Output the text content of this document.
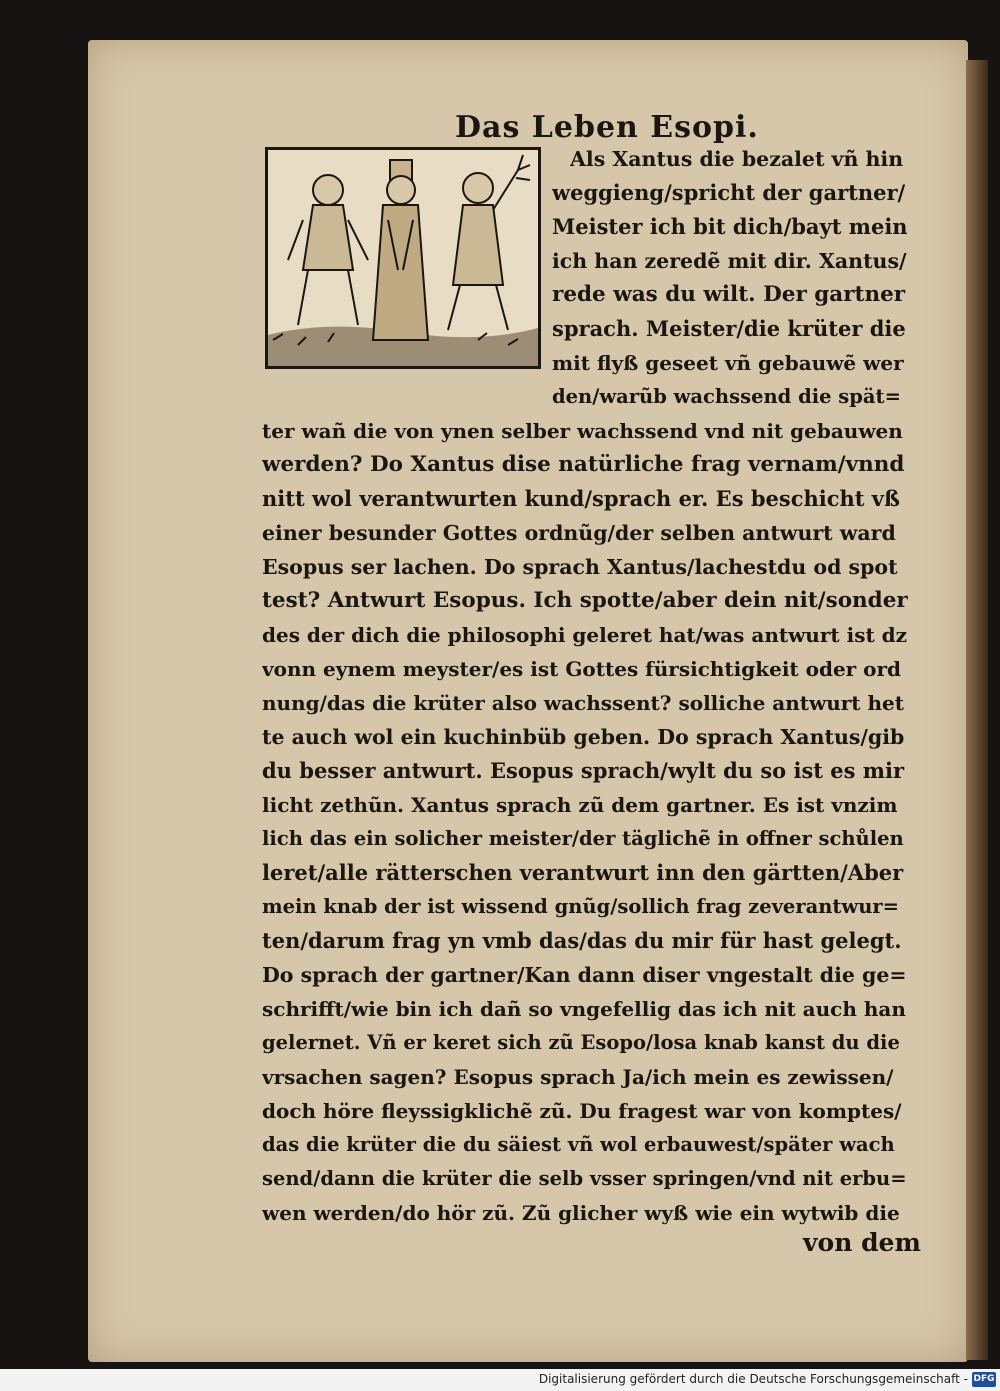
Das Leben Esopi.
Als Xantus die bezalet vñ hin
weggieng/spricht der gartner/
Meister ich bit dich/bayt mein
ich han zeredẽ mit dir. Xantus/
rede was du wilt. Der gartner
sprach. Meister/die krüter die
mit flyß geseet vñ gebauwẽ wer
den/warũb wachssend die spät=
ter wañ die von ynen selber wachssend vnd nit gebauwen
werden? Do Xantus dise natürliche frag vernam/vnnd
nitt wol verantwurten kund/sprach er. Es beschicht vß
einer besunder Gottes ordnũg/der selben antwurt ward
Esopus ser lachen. Do sprach Xantus/lachestdu od spot
test? Antwurt Esopus. Ich spotte/aber dein nit/sonder
des der dich die philosophi geleret hat/was antwurt ist dz
vonn eynem meyster/es ist Gottes fürsichtigkeit oder ord
nung/das die krüter also wachssent? solliche antwurt het
te auch wol ein kuchinbüb geben. Do sprach Xantus/gib
du besser antwurt. Esopus sprach/wylt du so ist es mir
licht zethũn. Xantus sprach zũ dem gartner. Es ist vnzim
lich das ein solicher meister/der täglichẽ in offner schůlen
leret/alle rätterschen verantwurt inn den gärtten/Aber
mein knab der ist wissend gnũg/sollich frag zeverantwur=
ten/darum frag yn vmb das/das du mir für hast gelegt.
Do sprach der gartner/Kan dann diser vngestalt die ge=
schrifft/wie bin ich dañ so vngefellig das ich nit auch han
gelernet. Vñ er keret sich zũ Esopo/losa knab kanst du die
vrsachen sagen? Esopus sprach Ja/ich mein es zewissen/
doch höre fleyssigklichẽ zũ. Du fragest war von komptes/
das die krüter die du säiest vñ wol erbauwest/später wach
send/dann die krüter die selb vsser springen/vnd nit erbu=
wen werden/do hör zũ. Zũ glicher wyß wie ein wytwib die
von dem
Digitalisierung gefördert durch die Deutsche Forschungsgemeinschaft - DFG
